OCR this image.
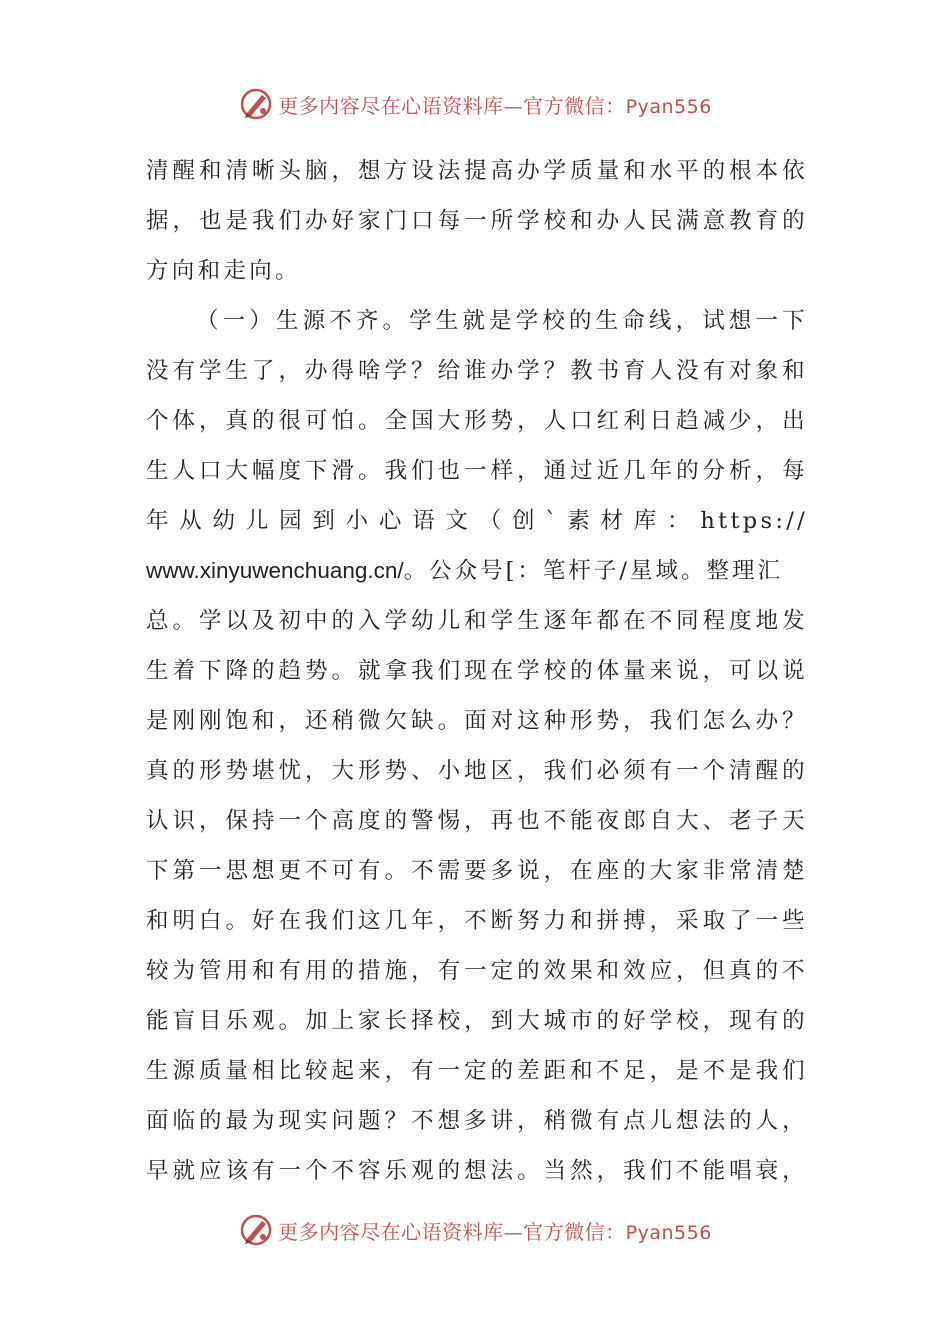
更多内容尽在心语资料库—官方微信：Pyan556
清醒和清晰头脑，想方设法提高办学质量和水平的根本依
据，也是我们办好家门口每一所学校和办人民满意教育的
方向和走向。
（一）生源不齐。学生就是学校的生命线，试想一下
没有学生了，办得啥学？给谁办学？教书育人没有对象和
个体，真的很可怕。全国大形势，人口红利日趋减少，出
生人口大幅度下滑。我们也一样，通过近几年的分析，每
年从幼儿园到小心语文（创`素材库：https://
www.xinyuwenchuang.cn/。公众号[：笔杆子/星域。整理汇
总。学以及初中的入学幼儿和学生逐年都在不同程度地发
生着下降的趋势。就拿我们现在学校的体量来说，可以说
是刚刚饱和，还稍微欠缺。面对这种形势，我们怎么办？
真的形势堪忧，大形势、小地区，我们必须有一个清醒的
认识，保持一个高度的警惕，再也不能夜郎自大、老子天
下第一思想更不可有。不需要多说，在座的大家非常清楚
和明白。好在我们这几年，不断努力和拼搏，采取了一些
较为管用和有用的措施，有一定的效果和效应，但真的不
能盲目乐观。加上家长择校，到大城市的好学校，现有的
生源质量相比较起来，有一定的差距和不足，是不是我们
面临的最为现实问题？不想多讲，稍微有点儿想法的人，
早就应该有一个不容乐观的想法。当然，我们不能唱衰，
更多内容尽在心语资料库—官方微信：Pyan556
